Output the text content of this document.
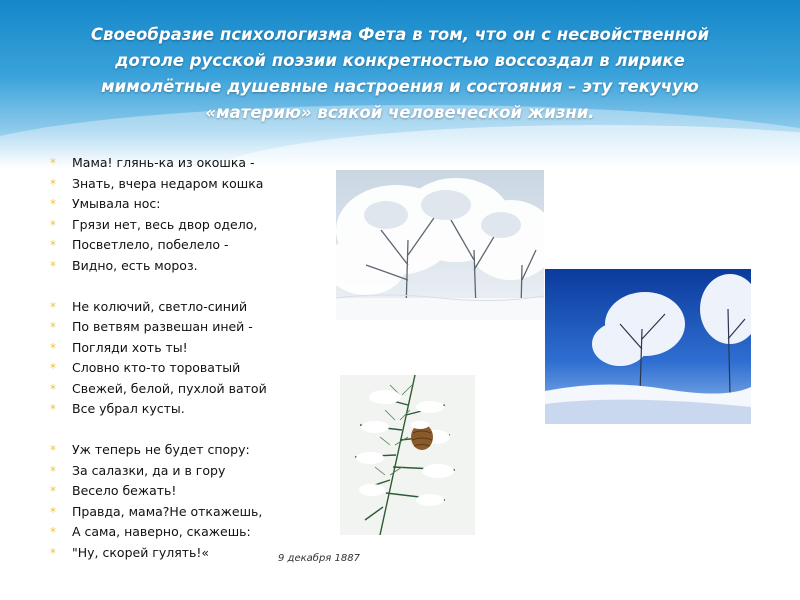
Своеобразие психологизма Фета в том, что он с несвойственной дотоле русской поэзии конкретностью воссоздал в лирике мимолётные душевные настроения и состояния – эту текучую «материю» всякой человеческой жизни.

* Мама! глянь-ка из окошка -
* Знать, вчера недаром кошка
* Умывала нос:
* Грязи нет, весь двор одело,
* Посветлело, побелело -
* Видно, есть мороз.
* Не колючий, светло-синий
* По ветвям развешан иней -
* Погляди хоть ты!
* Словно кто-то тороватый
* Свежей, белой, пухлой ватой
* Все убрал кусты.
* Уж теперь не будет спору:
* За салазки, да и в гору
* Весело бежать!
* Правда, мама?Не откажешь,
* А сама, наверно, скажешь:
* "Ну, скорей гулять!«	9 декабря 1887
